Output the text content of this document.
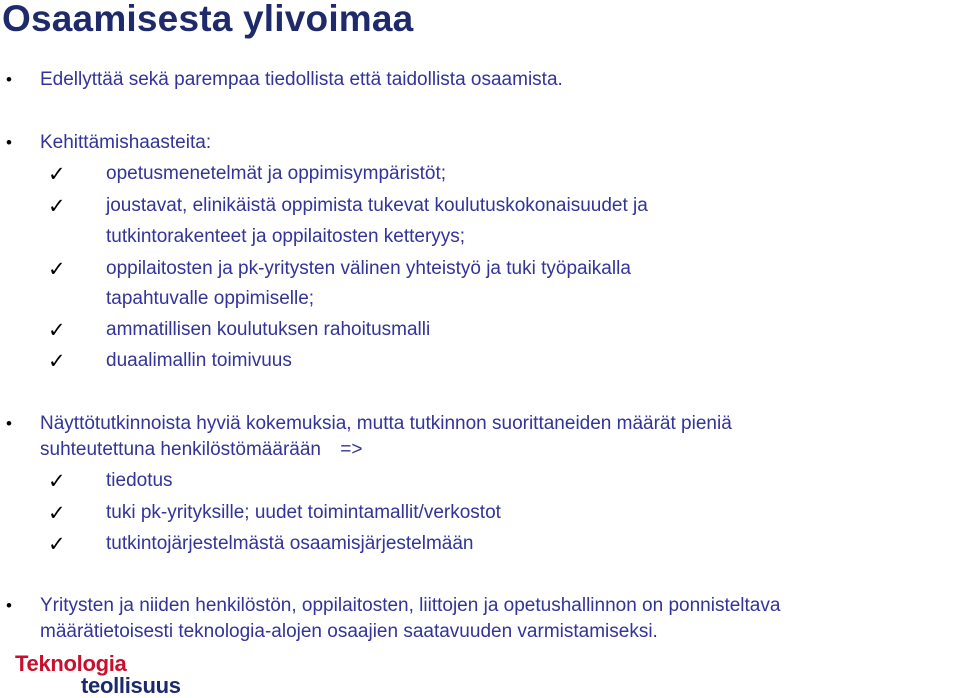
Osaamisesta ylivoimaa
• Edellyttää sekä parempaa tiedollista että taidollista osaamista.
• Kehittämishaasteita:
✓ opetusmenetelmät ja oppimisympäristöt;
✓ joustavat, elinikäistä oppimista tukevat koulutuskokonaisuudet ja
tutkintorakenteet ja oppilaitosten ketteryys;
✓ oppilaitosten ja pk-yritysten välinen yhteistyö ja tuki työpaikalla
tapahtuvalle oppimiselle;
✓ ammatillisen koulutuksen rahoitusmalli
✓ duaalimallin toimivuus
• Näyttötutkinnoista hyviä kokemuksia, mutta tutkinnon suorittaneiden määrät pieniä
suhteutettuna henkilöstömäärään =>
✓ tiedotus
✓ tuki pk-yrityksille; uudet toimintamallit/verkostot
✓ tutkintojärjestelmästä osaamisjärjestelmään
• Yritysten ja niiden henkilöstön, oppilaitosten, liittojen ja opetushallinnon on ponnisteltava
määrätietoisesti teknologia-alojen osaajien saatavuuden varmistamiseksi.
Teknologia
teollisuus
